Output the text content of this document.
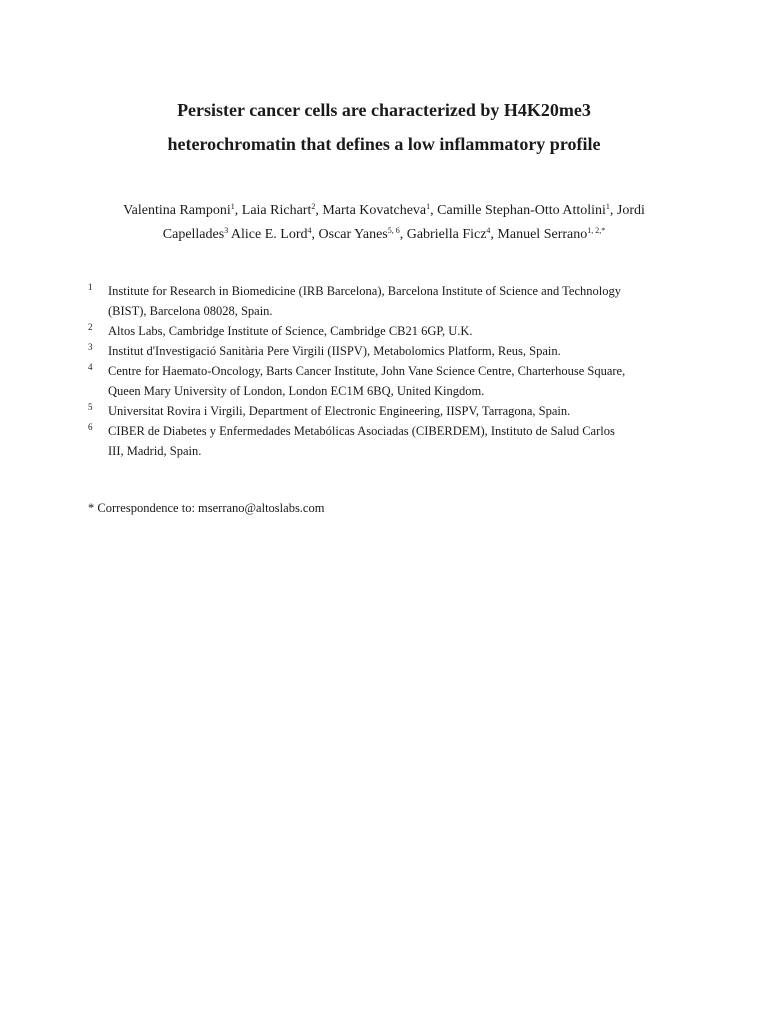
Persister cancer cells are characterized by H4K20me3
heterochromatin that defines a low inflammatory profile
Valentina Ramponi$^1$, Laia Richart$^2$, Marta Kovatcheva$^1$, Camille Stephan-Otto Attolini$^1$, Jordi
Capellades$^3$ Alice E. Lord$^4$, Oscar Yanes$^{5, 6}$, Gabriella Ficz$^4$, Manuel Serrano$^{1, 2,*}$
1 Institute for Research in Biomedicine (IRB Barcelona), Barcelona Institute of Science and Technology
(BIST), Barcelona 08028, Spain.
2 Altos Labs, Cambridge Institute of Science, Cambridge CB21 6GP, U.K.
3 Institut d'Investigació Sanitària Pere Virgili (IISPV), Metabolomics Platform, Reus, Spain.
4 Centre for Haemato-Oncology, Barts Cancer Institute, John Vane Science Centre, Charterhouse Square,
Queen Mary University of London, London EC1M 6BQ, United Kingdom.
5 Universitat Rovira i Virgili, Department of Electronic Engineering, IISPV, Tarragona, Spain.
6 CIBER de Diabetes y Enfermedades Metabólicas Asociadas (CIBERDEM), Instituto de Salud Carlos
III, Madrid, Spain.
* Correspondence to: mserrano@altoslabs.com
